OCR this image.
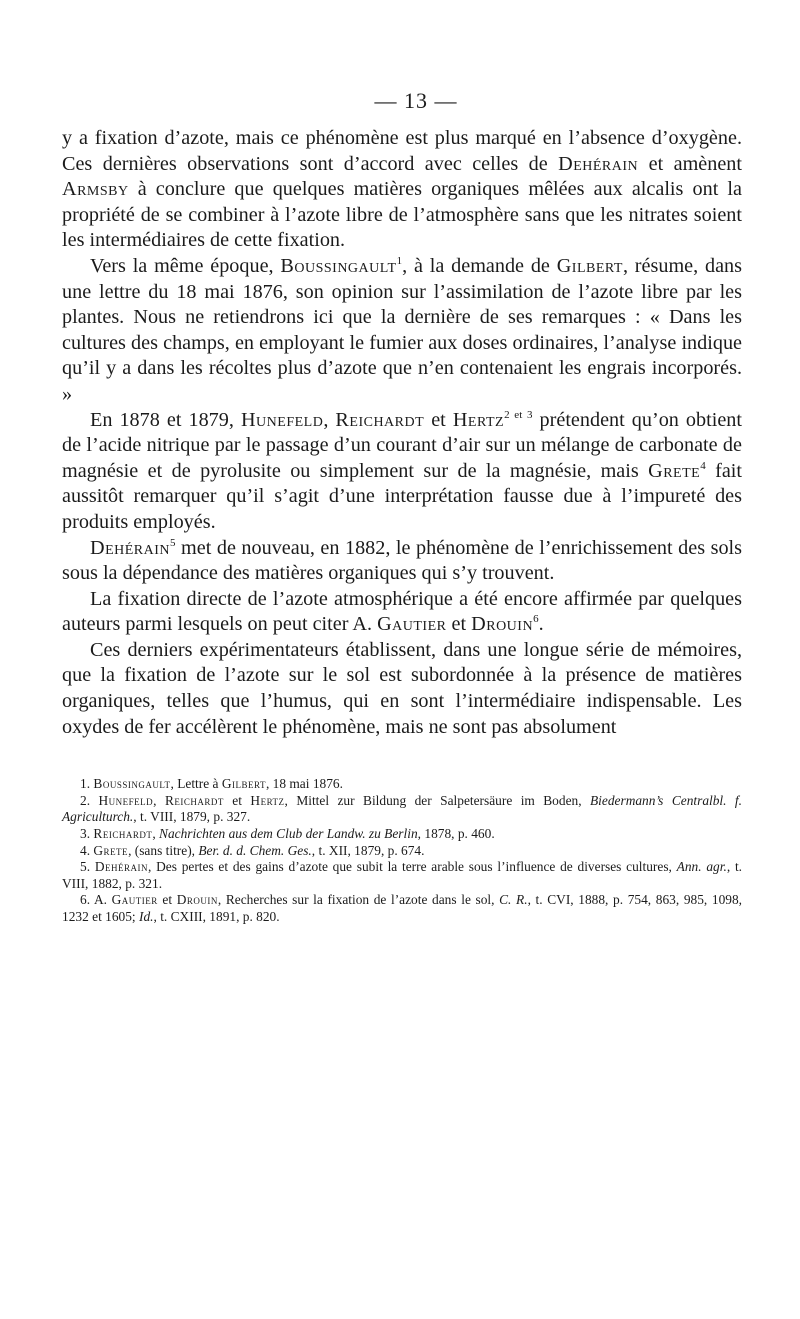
— 13 —

y a fixation d’azote, mais ce phénomène est plus marqué en l’absence d’oxygène. Ces dernières observations sont d’accord avec celles de Dehérain et amènent Armsby à conclure que quelques matières organiques mêlées aux alcalis ont la propriété de se combiner à l’azote libre de l’atmosphère sans que les nitrates soient les intermédiaires de cette fixation.

Vers la même époque, Boussingault$^1$, à la demande de Gilbert, résume, dans une lettre du 18 mai 1876, son opinion sur l’assimilation de l’azote libre par les plantes. Nous ne retiendrons ici que la dernière de ses remarques : « Dans les cultures des champs, en employant le fumier aux doses ordinaires, l’analyse indique qu’il y a dans les récoltes plus d’azote que n’en contenaient les engrais incorporés. »

En 1878 et 1879, Hunefeld, Reichardt et Hertz$^{2 et 3}$ prétendent qu’on obtient de l’acide nitrique par le passage d’un courant d’air sur un mélange de carbonate de magnésie et de pyrolusite ou simplement sur de la magnésie, mais Grete$^4$ fait aussitôt remarquer qu’il s’agit d’une interprétation fausse due à l’impureté des produits employés.

Dehérain$^5$ met de nouveau, en 1882, le phénomène de l’enrichissement des sols sous la dépendance des matières organiques qui s’y trouvent.

La fixation directe de l’azote atmosphérique a été encore affirmée par quelques auteurs parmi lesquels on peut citer A. Gautier et Drouin$^6$.

Ces derniers expérimentateurs établissent, dans une longue série de mémoires, que la fixation de l’azote sur le sol est subordonnée à la présence de matières organiques, telles que l’humus, qui en sont l’intermédiaire indispensable. Les oxydes de fer accélèrent le phénomène, mais ne sont pas absolument

1. Boussingault, Lettre à Gilbert, 18 mai 1876.

2. Hunefeld, Reichardt et Hertz, Mittel zur Bildung der Salpetersäure im Boden, Biedermann’s Centralbl. f. Agriculturch., t. VIII, 1879, p. 327.

3. Reichardt, Nachrichten aus dem Club der Landw. zu Berlin, 1878, p. 460.

4. Grete, (sans titre), Ber. d. d. Chem. Ges., t. XII, 1879, p. 674.

5. Dehérain, Des pertes et des gains d’azote que subit la terre arable sous l’influence de diverses cultures, Ann. agr., t. VIII, 1882, p. 321.

6. A. Gautier et Drouin, Recherches sur la fixation de l’azote dans le sol, C. R., t. CVI, 1888, p. 754, 863, 985, 1098, 1232 et 1605; Id., t. CXIII, 1891, p. 820.
